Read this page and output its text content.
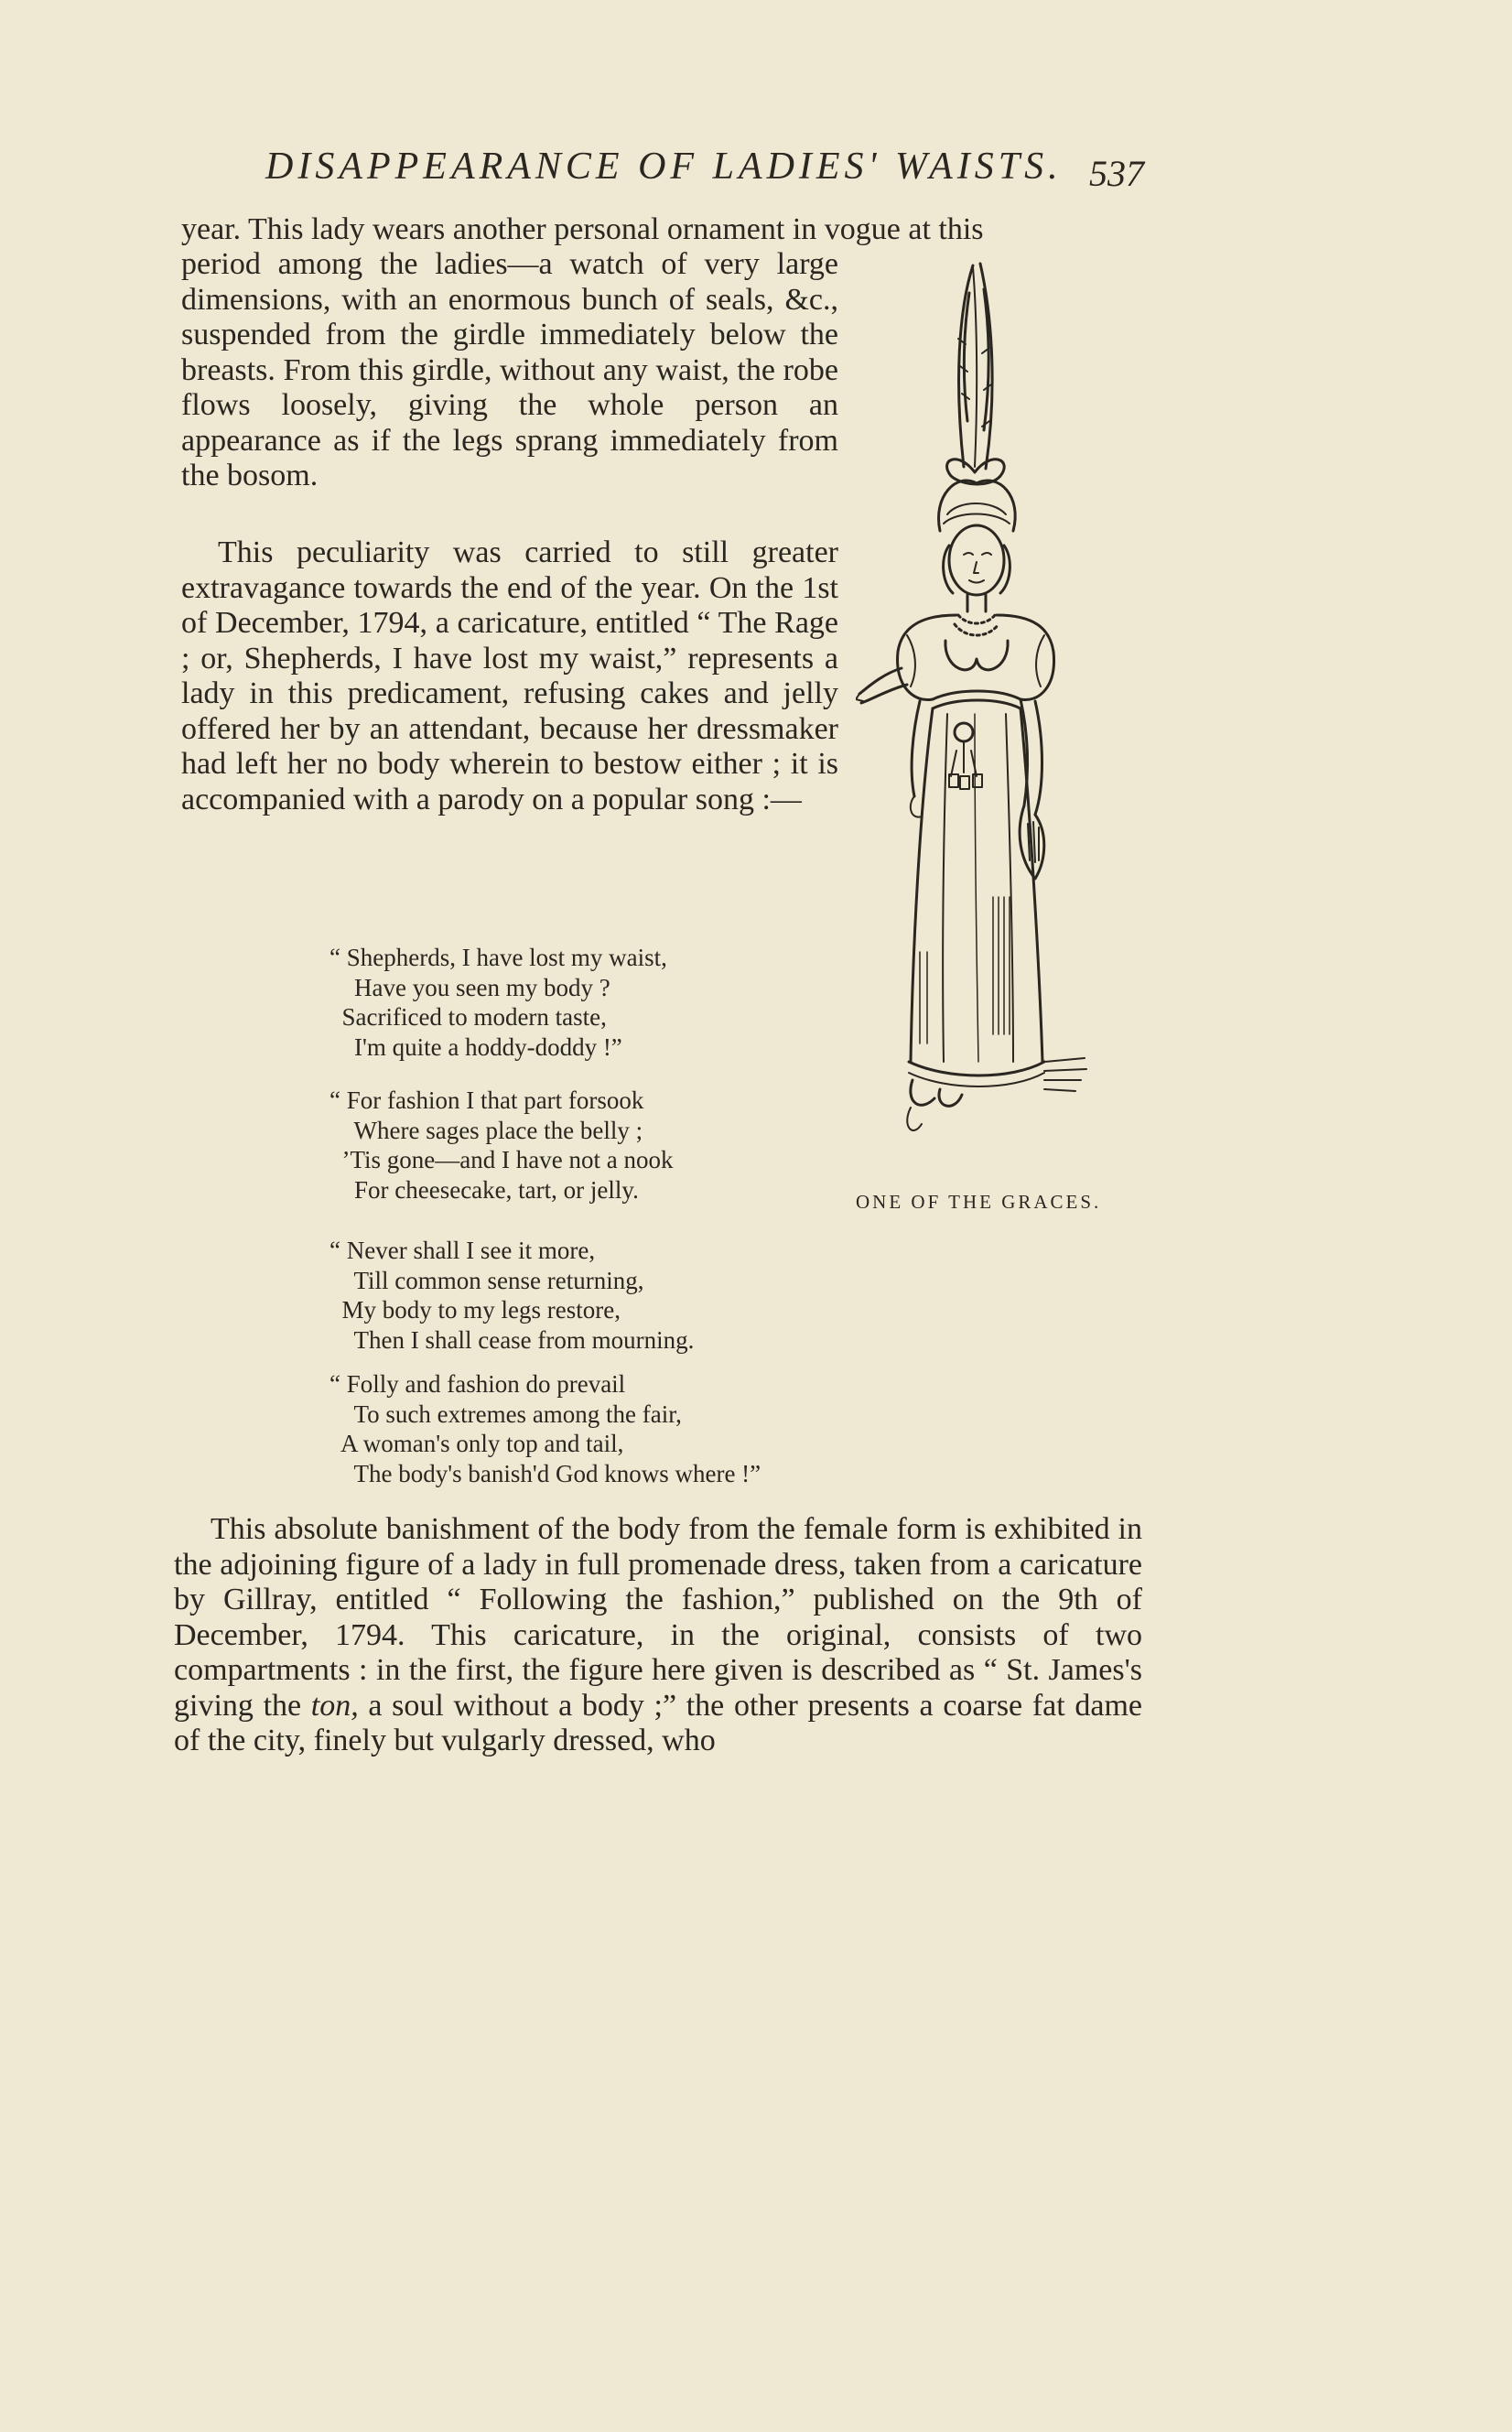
DISAPPEARANCE OF LADIES' WAISTS. 537

year. This lady wears another personal ornament in vogue at this

period among the ladies—a watch of very large dimensions, with an enormous bunch of seals, &c., suspended from the girdle immediately below the breasts. From this girdle, without any waist, the robe flows loosely, giving the whole person an appearance as if the legs sprang immediately from the bosom.

This peculiarity was carried to still greater extravagance towards the end of the year. On the 1st of December, 1794, a caricature, entitled “ The Rage ; or, Shepherds, I have lost my waist,” represents a lady in this predicament, refusing cakes and jelly offered her by an attendant, because her dressmaker had left her no body wherein to bestow either ; it is accompanied with a parody on a popular song :—

“ Shepherds, I have lost my waist,
Have you seen my body ?
Sacrificed to modern taste,
I'm quite a hoddy-doddy !”
“ For fashion I that part forsook
Where sages place the belly ;
’Tis gone—and I have not a nook
For cheesecake, tart, or jelly.
“ Never shall I see it more,
Till common sense returning,
My body to my legs restore,
Then I shall cease from mourning.
“ Folly and fashion do prevail
To such extremes among the fair,
A woman's only top and tail,
The body's banish'd God knows where !”

This absolute banishment of the body from the female form is exhibited in the adjoining figure of a lady in full promenade dress, taken from a caricature by Gillray, entitled “ Following the fashion,” published on the 9th of December, 1794. This caricature, in the original, consists of two compartments : in the first, the figure here given is described as “ St. James's giving the ton, a soul without a body ;” the other presents a coarse fat dame of the city, finely but vulgarly dressed, who

ONE OF THE GRACES.
